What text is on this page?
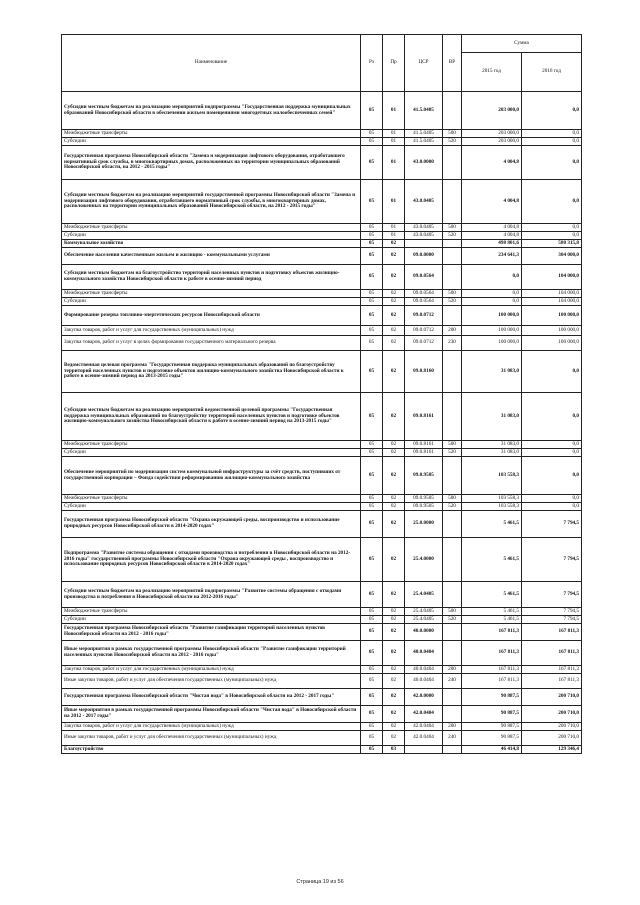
Наименование	Рз	Пр	ЦСР	ВР	Сумма	
					2015 год	2016 год
Субсидии местным бюджетам на реализацию мероприятий подпрограммы "Государственная поддержка муниципальных образований Новосибирской области в обеспечении жильем помещениями многодетных малообеспеченных семей"	05	01	41.5.0405		203 000,0	0,0
Межбюджетные трансферты	05	01	41.5.0405	500	203 000,0	0,0
Субсидии	05	01	41.5.0405	520	203 000,0	0,0
Государственная программа Новосибирской области "Замена и модернизация лифтового оборудования, отработавшего нормативный срок службы, в многоквартирных домах, расположенных на территории муниципальных образований Новосибирской области, на 2012 - 2015 годы"	05	01	43.0.0000		4 004,8	0,0
Субсидии местным бюджетам на реализацию мероприятий государственной программы Новосибирской области "Замена и модернизация лифтового оборудования, отработавшего нормативный срок службы, в многоквартирных домах, расположенных на территории муниципальных образований Новосибирской области, на 2012 - 2015 годы"	05	01	43.0.0405		4 004,8	0,0
Межбюджетные трансферты	05	01	43.0.0405	500	4 004,8	0,0
Субсидии	05	01	43.0.0405	520	4 004,8	0,0
Коммунальное хозяйство	05	02			498 801,6	580 315,8
Обеспечение населения качественным жильем и жилищно - коммунальными услугами	05	02	09.0.0000		234 641,3	304 000,0
Субсидии местным бюджетам на благоустройство территорий населенных пунктов и подготовку объектов жилищно-коммунального хозяйства Новосибирской области к работе в осенне-зимний период	05	02	09.0.0564		0,0	104 000,0
Межбюджетные трансферты	05	02	09.0.0564	500	0,0	104 000,0
Субсидии	05	02	09.0.0564	520	0,0	104 000,0
Формирование резерва топливно-энергетических ресурсов Новосибирской области	05	02	09.0.0712		100 000,0	100 000,0
Закупка товаров, работ и услуг для государственных (муниципальных) нужд	05	02	09.0.0712	200	100 000,0	100 000,0
Закупка товаров, работ и услуг в целях формирования государственного материального резерва	05	02	09.0.0712	230	100 000,0	100 000,0
Ведомственная целевая программа "Государственная поддержка муниципальных образований по благоустройству территорий населенных пунктов и подготовке объектов жилищно-коммунального хозяйства Новосибирской области к работе в осенне-зимний период на 2013-2015 годы"	05	02	09.0.8160		31 083,0	0,0
Субсидии местным бюджетам на реализацию мероприятий ведомственной целевой программы "Государственная поддержка муниципальных образований по благоустройству территорий населенных пунктов и подготовке объектов жилищно-коммунального хозяйства Новосибирской области к работе в осенне-зимний период на 2013-2015 годы"	05	02	09.0.8161		31 083,0	0,0
Межбюджетные трансферты	05	02	09.0.8161	500	31 083,0	0,0
Субсидии	05	02	09.0.8161	520	31 083,0	0,0
Обеспечение мероприятий по модернизации систем коммунальной инфраструктуры за счёт средств, поступивших от государственной корпорации – Фонда содействия реформированию жилищно-коммунального хозяйства	05	02	09.0.9505		103 558,3	0,0
Межбюджетные трансферты	05	02	09.0.9505	500	103 558,3	0,0
Субсидии	05	02	09.0.9505	520	103 558,3	0,0
Государственная программа Новосибирской области "Охрана окружающей среды, воспроизводство и использование природных ресурсов Новосибирской области в 2014-2020 годах"	05	02	25.0.0000		5 461,5	7 794,5
Подпрограмма "Развитие системы обращения с отходами производства и потребления в Новосибирской области на 2012-2016 годы" государственной программы Новосибирской области "Охрана окружающей среды , воспроизводство и использование природных ресурсов Новосибирской области в 2014-2020 годах"	05	02	25.4.0000		5 461,5	7 794,5
Субсидии местным бюджетам на реализацию мероприятий подпрограммы "Развитие системы обращения с отходами производства и потребления в Новосибирской области на 2012-2016 годы"	05	02	25.4.0405		5 461,5	7 794,5
Межбюджетные трансферты	05	02	25.4.0405	500	5 461,5	7 794,5
Субсидии	05	02	25.4.0405	520	5 461,5	7 794,5
Государственная программа Новосибирской области "Развитие газификации территорий населенных пунктов Новосибирской области на 2012 - 2016 годы"	05	02	40.0.0000		167 811,3	167 811,3
Иные мероприятия в рамках государственной программы Новосибирской области "Развитие газификации территорий населенных пунктов Новосибирской области на 2012 - 2016 годы"	05	02	40.0.0404		167 811,3	167 811,3
Закупка товаров, работ и услуг для государственных (муниципальных) нужд	05	02	40.0.0404	200	167 811,3	167 811,3
Иные закупки товаров, работ и услуг для обеспечения государственных (муниципальных) нужд	05	02	40.0.0404	240	167 811,3	167 811,3
Государственная программа Новосибирской области "Чистая вода" в Новосибирской области на 2012 - 2017 годы"	05	02	42.0.0000		90 887,5	200 710,0
Иные мероприятия в рамках государственной программы Новосибирской области "Чистая вода" в Новосибирской области на 2012 - 2017 годы"	05	02	42.0.0404		90 887,5	200 710,0
Закупка товаров, работ и услуг для государственных (муниципальных) нужд	05	02	42.0.0404	200	90 887,5	200 710,0
Иные закупки товаров, работ и услуг для обеспечения государственных (муниципальных) нужд	05	02	42.0.0404	240	90 887,5	200 710,0
Благоустройство	05	03			46 414,8	129 346,4
Страница 19 из 56
